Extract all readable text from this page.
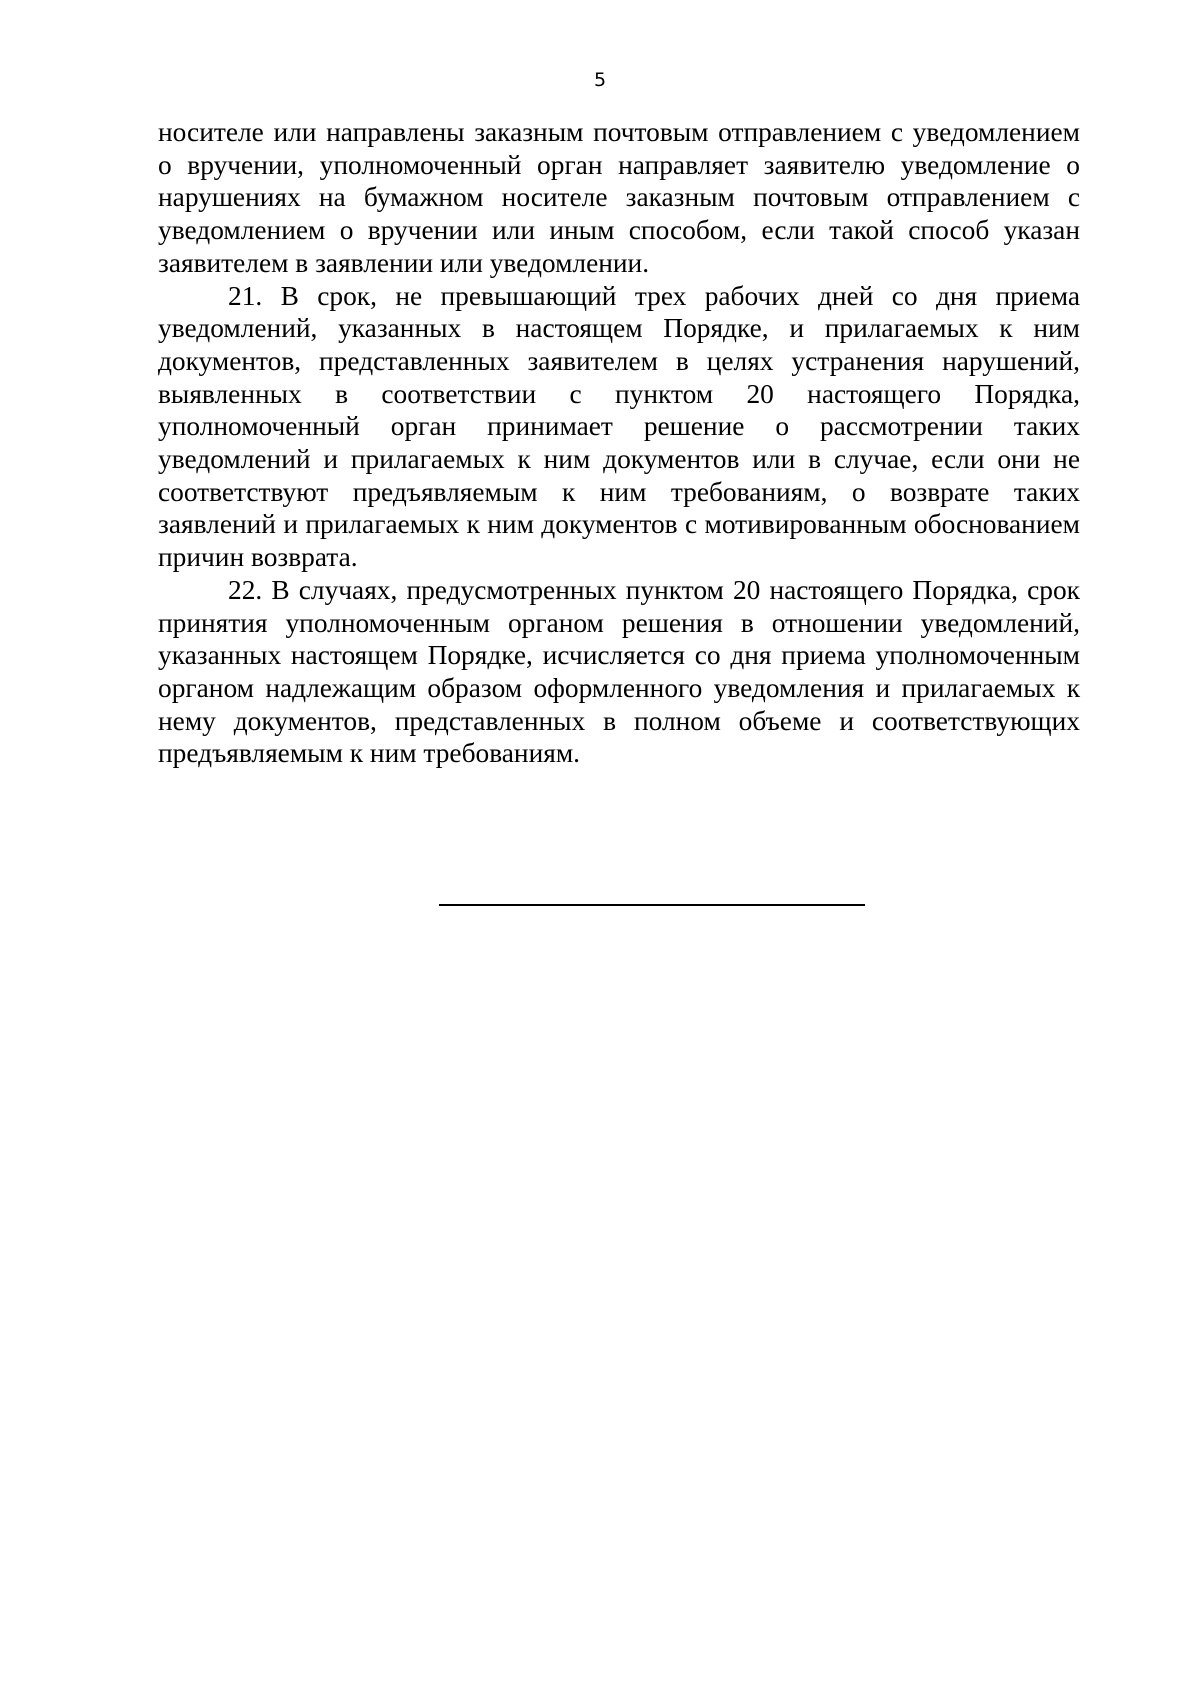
5

носителе или направлены заказным почтовым отправлением с уведомлением о вручении, уполномоченный орган направляет заявителю уведомление о нарушениях на бумажном носителе заказным почтовым отправлением с уведомлением о вручении или иным способом, если такой способ указан заявителем в заявлении или уведомлении.

21. В срок, не превышающий трех рабочих дней со дня приема уведомлений, указанных в настоящем Порядке, и прилагаемых к ним документов, представленных заявителем в целях устранения нарушений, выявленных в соответствии с пунктом 20 настоящего Порядка, уполномоченный орган принимает решение о рассмотрении таких уведомлений и прилагаемых к ним документов или в случае, если они не соответствуют предъявляемым к ним требованиям, о возврате таких заявлений и прилагаемых к ним документов с мотивированным обоснованием причин возврата.

22. В случаях, предусмотренных пунктом 20 настоящего Порядка, срок принятия уполномоченным органом решения в отношении уведомлений, указанных настоящем Порядке, исчисляется со дня приема уполномоченным органом надлежащим образом оформленного уведомления и прилагаемых к нему документов, представленных в полном объеме и соответствующих предъявляемым к ним требованиям.
